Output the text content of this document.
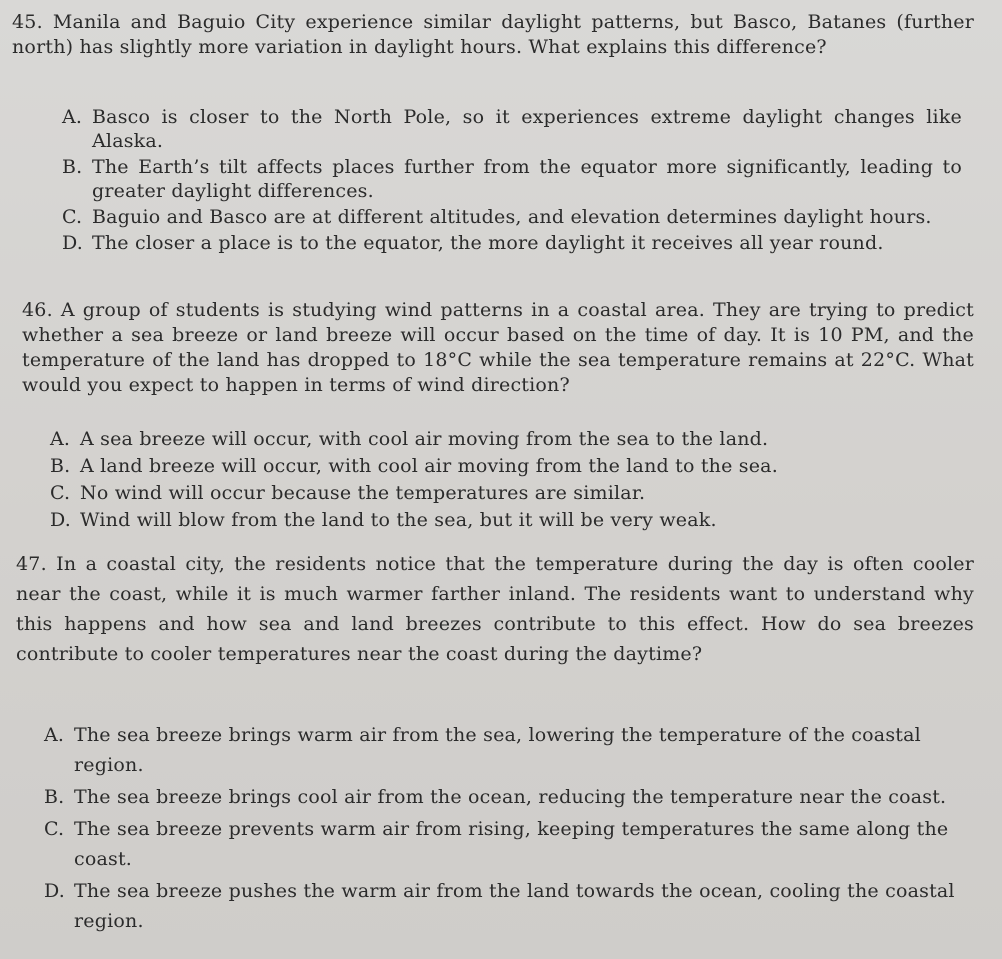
45. Manila and Baguio City experience similar daylight patterns, but Basco, Batanes (further north) has slightly more variation in daylight hours. What explains this difference?
A. Basco is closer to the North Pole, so it experiences extreme daylight changes like Alaska.
B. The Earth’s tilt affects places further from the equator more significantly, leading to greater daylight differences.
C. Baguio and Basco are at different altitudes, and elevation determines daylight hours.
D. The closer a place is to the equator, the more daylight it receives all year round.
46. A group of students is studying wind patterns in a coastal area. They are trying to predict whether a sea breeze or land breeze will occur based on the time of day. It is 10 PM, and the temperature of the land has dropped to 18°C while the sea temperature remains at 22°C. What would you expect to happen in terms of wind direction?
A. A sea breeze will occur, with cool air moving from the sea to the land.
B. A land breeze will occur, with cool air moving from the land to the sea.
C. No wind will occur because the temperatures are similar.
D. Wind will blow from the land to the sea, but it will be very weak.
47. In a coastal city, the residents notice that the temperature during the day is often cooler near the coast, while it is much warmer farther inland. The residents want to understand why this happens and how sea and land breezes contribute to this effect. How do sea breezes contribute to cooler temperatures near the coast during the daytime?
A. The sea breeze brings warm air from the sea, lowering the temperature of the coastal region.
B. The sea breeze brings cool air from the ocean, reducing the temperature near the coast.
C. The sea breeze prevents warm air from rising, keeping temperatures the same along the coast.
D. The sea breeze pushes the warm air from the land towards the ocean, cooling the coastal region.
